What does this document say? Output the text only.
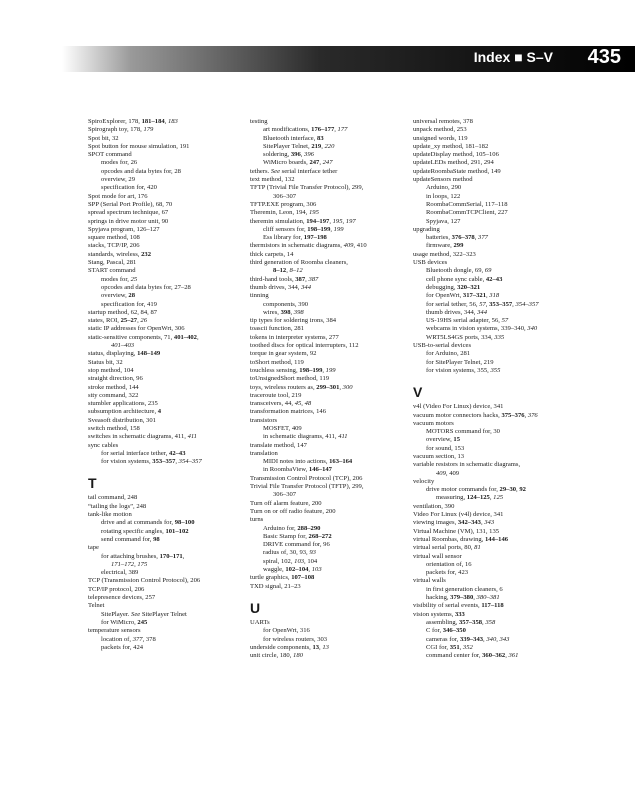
Index ■ S–V 435
SpiroExplorer, 178, 181–184, 183
Spirograph toy, 178, 179
Spot bit, 32
Spot button for mouse simulation, 191
SPOT command
modes for, 26
opcodes and data bytes for, 28
overview, 29
specification for, 420
Spot mode for art, 176
SPP (Serial Port Profile), 68, 70
spread spectrum technique, 67
springs in drive motor unit, 90
Spyjava program, 126–127
square method, 108
stacks, TCP/IP, 206
standards, wireless, 232
Stang, Pascal, 281
START command
modes for, 25
opcodes and data bytes for, 27–28
overview, 28
specification for, 419
startup method, 62, 84, 87
states, ROI, 25–27, 26
static IP addresses for OpenWrt, 306
static-sensitive components, 71, 401–402,
401–403
status, displaying, 148–149
Status bit, 32
stop method, 104
straight direction, 96
stroke method, 144
stty command, 322
stumbler applications, 235
subsumption architecture, 4
Sveasoft distribution, 301
switch method, 158
switches in schematic diagrams, 411, 411
sync cables
for serial interface tether, 42–43
for vision systems, 353–357, 354–357
T
tail command, 248
“tailing the logs”, 248
tank-like motion
drive and at commands for, 98–100
rotating specific angles, 101–102
send command for, 98
tape
for attaching brushes, 170–171,
171–172, 175
electrical, 389
TCP (Transmission Control Protocol), 206
TCP/IP protocol, 206
telepresence devices, 257
Telnet
SitePlayer. See SitePlayer Telnet
for WiMicro, 245
temperature sensors
location of, 377, 378
packets for, 424
testing
art modifications, 176–177, 177
Bluetooth interface, 83
SitePlayer Telnet, 219, 220
soldering, 396, 396
WiMicro boards, 247, 247
tethers. See serial interface tether
text method, 132
TFTP (Trivial File Transfer Protocol), 299,
306–307
TFTP.EXE program, 306
Theremin, Leon, 194, 195
theremin simulation, 194–197, 195, 197
cliff sensors for, 198–199, 199
Ess library for, 197–198
thermistors in schematic diagrams, 409, 410
thick carpets, 14
third generation of Roomba cleaners,
8–12, 8–12
third-hand tools, 387, 387
thumb drives, 344, 344
tinning
components, 390
wires, 398, 398
tip types for soldering irons, 384
toascii function, 281
tokens in interpreter systems, 277
toothed discs for optical interrupters, 112
torque in gear system, 92
toShort method, 119
touchless sensing, 198–199, 199
toUnsignedShort method, 119
toys, wireless routers as, 299–301, 300
traceroute tool, 219
transceivers, 44, 45, 48
transformation matrices, 146
transistors
MOSFET, 409
in schematic diagrams, 411, 411
translate method, 147
translation
MIDI notes into actions, 163–164
in RoombaView, 146–147
Transmission Control Protocol (TCP), 206
Trivial File Transfer Protocol (TFTP), 299,
306–307
Turn off alarm feature, 200
Turn on or off radio feature, 200
turns
Arduino for, 288–290
Basic Stamp for, 268–272
DRIVE command for, 96
radius of, 30, 93, 93
spiral, 102, 103, 104
waggle, 102–104, 103
turtle graphics, 107–108
TXD signal, 21–23
U
UARTs
for OpenWrt, 316
for wireless routers, 303
underside components, 13, 13
unit circle, 180, 180
universal remotes, 378
unpack method, 253
unsigned words, 119
update_xy method, 181–182
updateDisplay method, 105–106
updateLEDs method, 291, 294
updateRoombaState method, 149
updateSensors method
Arduino, 290
in loops, 122
RoombaCommSerial, 117–118
RoombaCommTCPClient, 227
Spyjava, 127
upgrading
batteries, 376–378, 377
firmware, 299
usage method, 322–323
USB devices
Bluetooth dongle, 69, 69
cell phone sync cable, 42–43
debugging, 320–321
for OpenWrt, 317–321, 318
for serial tether, 56, 57, 353–357, 354–357
thumb drives, 344, 344
US-19HS serial adapter, 56, 57
webcams in vision systems, 339–340, 340
WRT5LS4GS ports, 334, 335
USB-to-serial devices
for Arduino, 281
for SitePlayer Telnet, 219
for vision systems, 355, 355
V
v4l (Video For Linux) device, 341
vacuum motor connectors hacks, 375–376, 376
vacuum motors
MOTORS command for, 30
overview, 15
for sound, 153
vacuum section, 13
variable resistors in schematic diagrams,
409, 409
velocity
drive motor commands for, 29–30, 92
measuring, 124–125, 125
ventilation, 390
Video For Linux (v4l) device, 341
viewing images, 342–343, 343
Virtual Machine (VM), 131, 135
virtual Roombas, drawing, 144–146
virtual serial ports, 80, 81
virtual wall sensor
orientation of, 16
packets for, 423
virtual walls
in first generation cleaners, 6
hacking, 379–380, 380–381
visibility of serial events, 117–118
vision systems, 333
assembling, 357–358, 358
C for, 346–350
cameras for, 339–343, 340, 343
CGI for, 351, 352
command center for, 360–362, 361
